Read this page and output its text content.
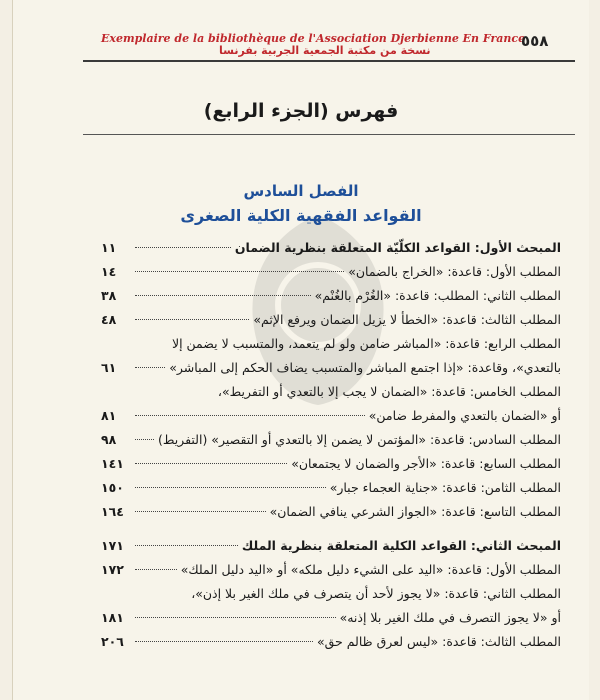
Exemplaire de la bibliothèque de l'Association Djerbienne En France
نسخة من مكتبة الجمعية الجربية بفرنسا
٥٥٨
فهرس (الجزء الرابع)
الفصل السادس
القواعد الفقهية الكلية الصغرى
المبحث الأول: القواعد الكلّيّة المتعلقة بنظرية الضمان
١١
المطلب الأول: قاعدة: «الخراج بالضمان»
١٤
المطلب الثاني: المطلب: قاعدة: «الغُرْم بالغُنْم»
٣٨
المطلب الثالث: قاعدة: «الخطأ لا يزيل الضمان ويرفع الإثم»
٤٨
المطلب الرابع: قاعدة: «المباشر ضامن ولو لم يتعمد، والمتسبب لا يضمن إلا
بالتعدي»، وقاعدة: «إذا اجتمع المباشر والمتسبب يضاف الحكم إلى المباشر»
٦١
المطلب الخامس: قاعدة: «الضمان لا يجب إلا بالتعدي أو التفريط»،
أو «الضمان بالتعدي والمفرط ضامن»
٨١
المطلب السادس: قاعدة: «المؤتمن لا يضمن إلا بالتعدي أو التقصير» (التفريط)
٩٨
المطلب السابع: قاعدة: «الأجر والضمان لا يجتمعان»
١٤١
المطلب الثامن: قاعدة: «جناية العجماء جبار»
١٥٠
المطلب التاسع: قاعدة: «الجواز الشرعي ينافي الضمان»
١٦٤
المبحث الثاني: القواعد الكلية المتعلقة بنظرية الملك
١٧١
المطلب الأول: قاعدة: «اليد على الشيء دليل ملكه» أو «اليد دليل الملك»
١٧٢
المطلب الثاني: قاعدة: «لا يجوز لأحد أن يتصرف في ملك الغير بلا إذن»،
أو «لا يجوز التصرف في ملك الغير بلا إذنه»
١٨١
المطلب الثالث: قاعدة: «ليس لعرق ظالم حق»
٢٠٦
